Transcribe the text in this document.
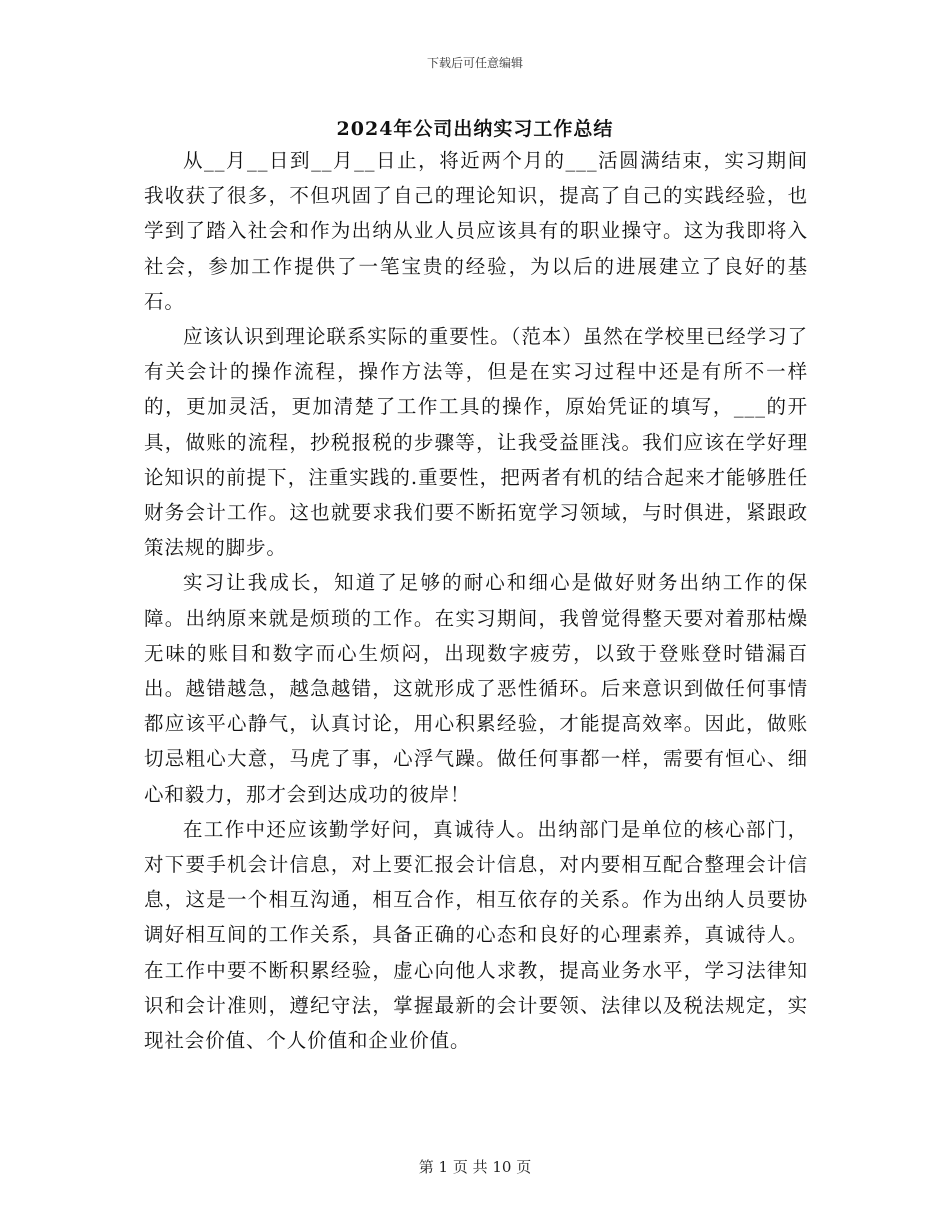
下载后可任意编辑
2024年公司出纳实习工作总结

从__月__日到__月__日止，将近两个月的___活圆满结束，实习期间我收获了很多，不但巩固了自己的理论知识，提高了自己的实践经验，也学到了踏入社会和作为出纳从业人员应该具有的职业操守。这为我即将入社会，参加工作提供了一笔宝贵的经验，为以后的进展建立了良好的基石。

应该认识到理论联系实际的重要性。（范本）虽然在学校里已经学习了有关会计的操作流程，操作方法等，但是在实习过程中还是有所不一样的，更加灵活，更加清楚了工作工具的操作，原始凭证的填写，___的开具，做账的流程，抄税报税的步骤等，让我受益匪浅。我们应该在学好理论知识的前提下，注重实践的.重要性，把两者有机的结合起来才能够胜任财务会计工作。这也就要求我们要不断拓宽学习领域，与时俱进，紧跟政策法规的脚步。

实习让我成长，知道了足够的耐心和细心是做好财务出纳工作的保障。出纳原来就是烦琐的工作。在实习期间，我曾觉得整天要对着那枯燥无味的账目和数字而心生烦闷，出现数字疲劳，以致于登账登时错漏百出。越错越急，越急越错，这就形成了恶性循环。后来意识到做任何事情都应该平心静气，认真讨论，用心积累经验，才能提高效率。因此，做账切忌粗心大意，马虎了事，心浮气躁。做任何事都一样，需要有恒心、细心和毅力，那才会到达成功的彼岸！

在工作中还应该勤学好问，真诚待人。出纳部门是单位的核心部门，对下要手机会计信息，对上要汇报会计信息，对内要相互配合整理会计信息，这是一个相互沟通，相互合作，相互依存的关系。作为出纳人员要协调好相互间的工作关系，具备正确的心态和良好的心理素养，真诚待人。在工作中要不断积累经验，虚心向他人求教，提高业务水平，学习法律知识和会计准则，遵纪守法，掌握最新的会计要领、法律以及税法规定，实现社会价值、个人价值和企业价值。

第 1 页 共 10 页
